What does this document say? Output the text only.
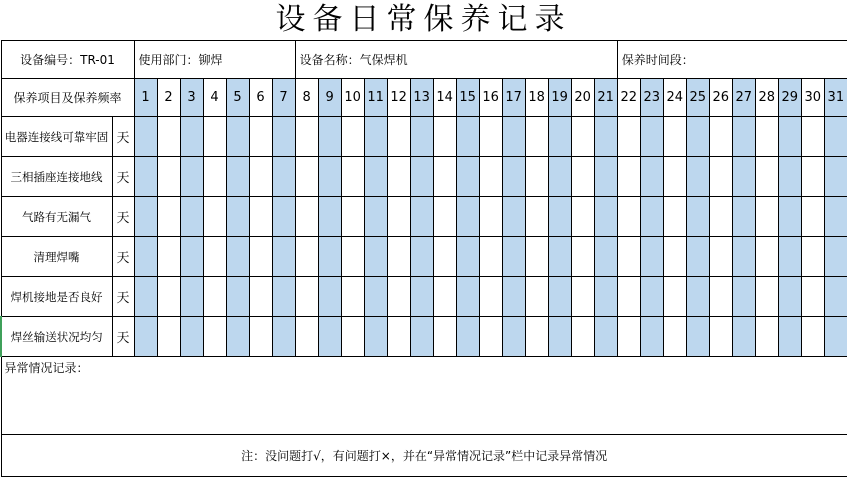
设备日常保养记录
设备编号：TR-01		使用部门：铆焊							设备名称：气保焊机														保养时间段：									
保养项目及保养频率		1	2	3	4	5	6	7	8	9	10	11	12	13	14	15	16	17	18	19	20	21	22	23	24	25	26	27	28	29	30	31
电器连接线可靠牢固	天																															
三相插座连接地线	天																															
气路有无漏气	天																															
清理焊嘴	天																															
焊机接地是否良好	天																															
焊丝输送状况均匀	天																															
异常情况记录：																																
注：没问题打√，有问题打×，并在“异常情况记录”栏中记录异常情况																																
